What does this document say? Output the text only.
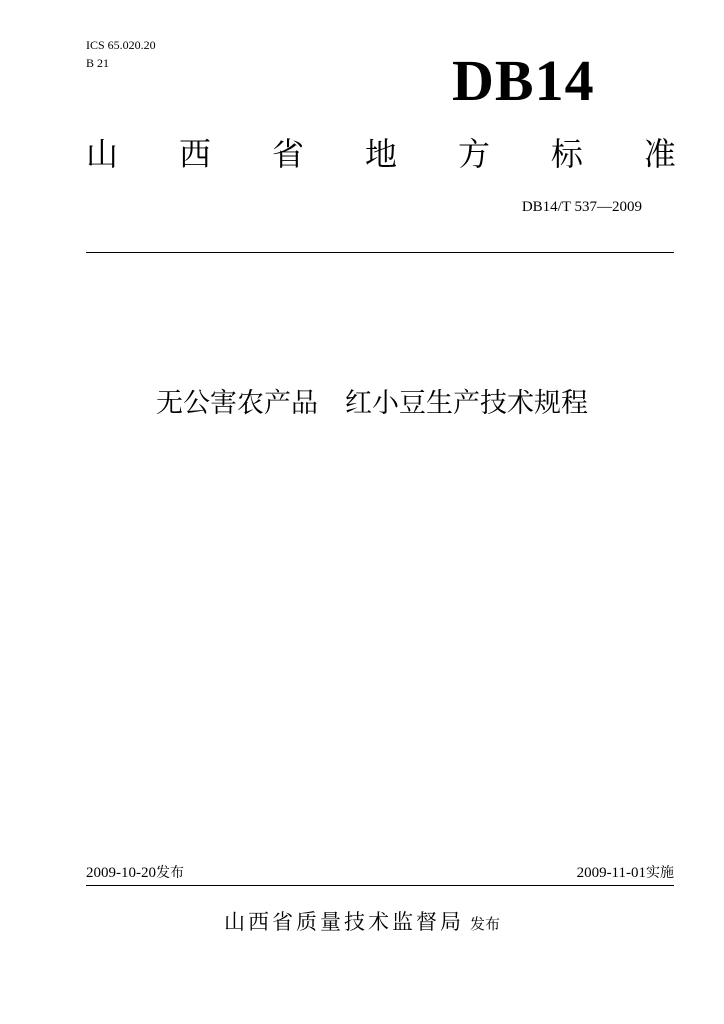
ICS 65.020.20
B 21	DB14
山 西 省 地 方 标 准
DB14/T 537—2009
无公害农产品　红小豆生产技术规程
2009-10-20发布	2009-11-01实施
山西省质量技术监督局 发布
